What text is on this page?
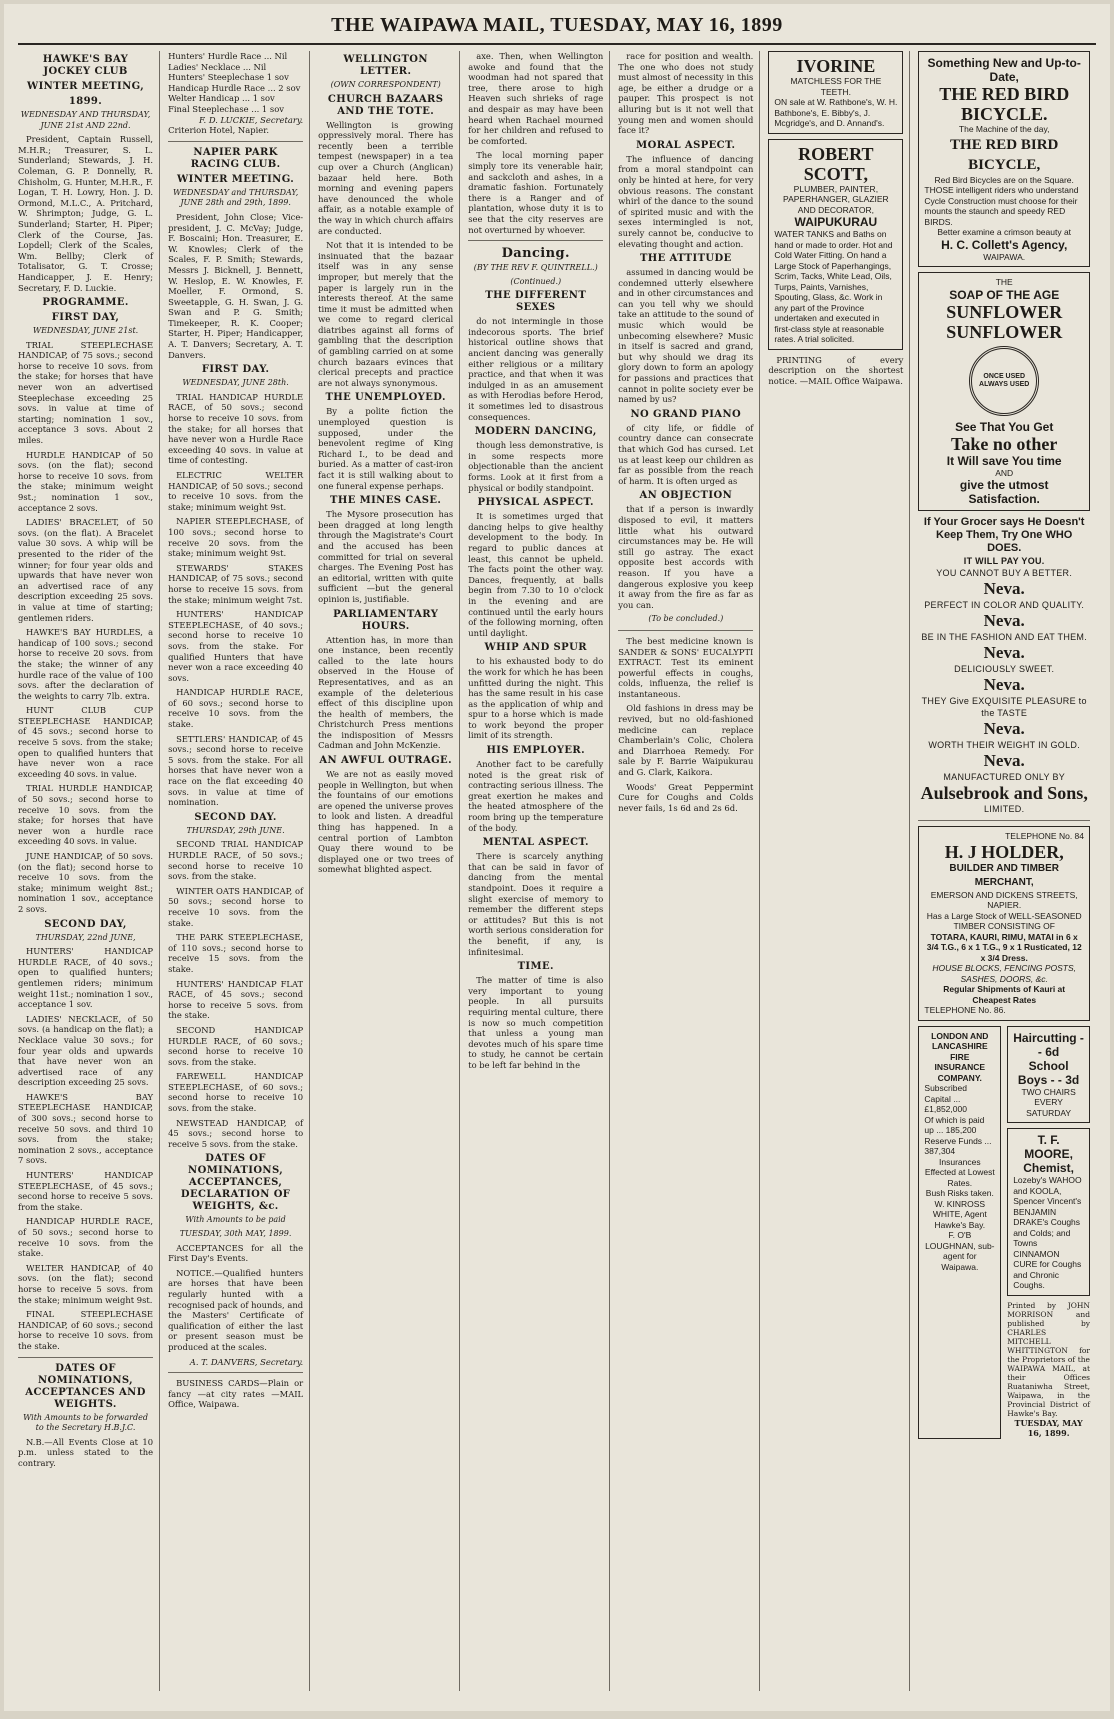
THE WAIPAWA MAIL, TUESDAY, MAY 16, 1899
HAWKE'S BAY JOCKEY CLUB
WINTER MEETING,
1899.
WEDNESDAY AND THURSDAY, JUNE 21st AND 22nd.

President, Captain Russell, M.H.R.; Treasurer, S. L. Sunderland; Stewards, J. H. Coleman, G. P. Donnelly, R. Chisholm, G. Hunter, M.H.R., F. Logan, T. H. Lowry, Hon. J. D. Ormond, M.L.C., A. Pritchard, W. Shrimpton; Judge, G. L. Sunderland; Starter, H. Piper; Clerk of the Course, Jas. Lopdell; Clerk of the Scales, Wm. Bellby; Clerk of Totalisator, G. T. Crosse; Handicapper, J. E. Henry; Secretary, F. D. Luckie.

PROGRAMME.
FIRST DAY,
WEDNESDAY, JUNE 21st.

TRIAL STEEPLECHASE HANDICAP, of 75 sovs.; second horse to receive 10 sovs. from the stake; for horses that have never won an advertised Steeplechase exceeding 25 sovs. in value at time of starting; nomination 1 sov., acceptance 3 sovs. About 2 miles.

HURDLE HANDICAP of 50 sovs. (on the flat); second horse to receive 10 sovs. from the stake; minimum weight 9st.; nomination 1 sov., acceptance 2 sovs.

LADIES' BRACELET, of 50 sovs. (on the flat). A Bracelet value 30 sovs. A whip will be presented to the rider of the winner; for four year olds and upwards that have never won an advertised race of any description exceeding 25 sovs. in value at time of starting; gentlemen riders.

HAWKE'S BAY HURDLES, a handicap of 100 sovs.; second horse to receive 20 sovs. from the stake; the winner of any hurdle race of the value of 100 sovs. after the declaration of the weights to carry 7lb. extra.

HUNT CLUB CUP STEEPLECHASE HANDICAP, of 45 sovs.; second horse to receive 5 sovs. from the stake; open to qualified hunters that have never won a race exceeding 40 sovs. in value.

TRIAL HURDLE HANDICAP, of 50 sovs.; second horse to receive 10 sovs. from the stake; for horses that have never won a hurdle race exceeding 40 sovs. in value.

JUNE HANDICAP, of 50 sovs. (on the flat); second horse to receive 10 sovs. from the stake; minimum weight 8st.; nomination 1 sov., acceptance 2 sovs.

SECOND DAY,
THURSDAY, 22nd JUNE,

HUNTERS' HANDICAP HURDLE RACE, of 40 sovs.; open to qualified hunters; gentlemen riders; minimum weight 11st.; nomination 1 sov., acceptance 1 sov.

LADIES' NECKLACE, of 50 sovs. (a handicap on the flat); a Necklace value 30 sovs.; for four year olds and upwards that have never won an advertised race of any description exceeding 25 sovs.

HAWKE'S BAY STEEPLECHASE HANDICAP, of 300 sovs.; second horse to receive 50 sovs. and third 10 sovs. from the stake; nomination 2 sovs., acceptance 7 sovs.

HUNTERS' HANDICAP STEEPLECHASE, of 45 sovs.; second horse to receive 5 sovs. from the stake.

HANDICAP HURDLE RACE, of 50 sovs.; second horse to receive 10 sovs. from the stake.

WELTER HANDICAP, of 40 sovs. (on the flat); second horse to receive 5 sovs. from the stake; minimum weight 9st.

FINAL STEEPLECHASE HANDICAP, of 60 sovs.; second horse to receive 10 sovs. from the stake.

DATES OF NOMINATIONS, ACCEPTANCES AND WEIGHTS.
With Amounts to be forwarded to the Secretary H.B.J.C.

N.B.—All Events Close at 10 p.m. unless stated to the contrary.

Hunters' Hurdle Race ... Nil
Ladies' Necklace ... Nil
Hunters' Steeplechase 1 sov
Handicap Hurdle Race ... 2 sov
Welter Handicap ... 1 sov
Final Steeplechase ... 1 sov
F. D. LUCKIE, Secretary.
Criterion Hotel, Napier.
NAPIER PARK RACING CLUB.
WINTER MEETING.
WEDNESDAY and THURSDAY, JUNE 28th and 29th, 1899.

President, John Close; Vice-president, J. C. McVay; Judge, F. Boscaini; Hon. Treasurer, E. W. Knowles; Clerk of the Scales, F. P. Smith; Stewards, Messrs J. Bicknell, J. Bennett, W. Heslop, E. W. Knowles, F. Moeller, F. Ormond, S. Sweetapple, G. H. Swan, J. G. Swan and P. G. Smith; Timekeeper, R. K. Cooper; Starter, H. Piper; Handicapper, A. T. Danvers; Secretary, A. T. Danvers.

FIRST DAY.
WEDNESDAY, JUNE 28th.

TRIAL HANDICAP HURDLE RACE, of 50 sovs.; second horse to receive 10 sovs. from the stake; for all horses that have never won a Hurdle Race exceeding 40 sovs. in value at time of contesting.

ELECTRIC WELTER HANDICAP, of 50 sovs.; second to receive 10 sovs. from the stake; minimum weight 9st.

NAPIER STEEPLECHASE, of 100 sovs.; second horse to receive 20 sovs. from the stake; minimum weight 9st.

STEWARDS' STAKES HANDICAP, of 75 sovs.; second horse to receive 15 sovs. from the stake; minimum weight 7st.

HUNTERS' HANDICAP STEEPLECHASE, of 40 sovs.; second horse to receive 10 sovs. from the stake. For qualified Hunters that have never won a race exceeding 40 sovs.

HANDICAP HURDLE RACE, of 60 sovs.; second horse to receive 10 sovs. from the stake.

SETTLERS' HANDICAP, of 45 sovs.; second horse to receive 5 sovs. from the stake. For all horses that have never won a race on the flat exceeding 40 sovs. in value at time of nomination.

SECOND DAY.
THURSDAY, 29th JUNE.

SECOND TRIAL HANDICAP HURDLE RACE, of 50 sovs.; second horse to receive 10 sovs. from the stake.

WINTER OATS HANDICAP, of 50 sovs.; second horse to receive 10 sovs. from the stake.

THE PARK STEEPLECHASE, of 110 sovs.; second horse to receive 15 sovs. from the stake.

HUNTERS' HANDICAP FLAT RACE, of 45 sovs.; second horse to receive 5 sovs. from the stake.

SECOND HANDICAP HURDLE RACE, of 60 sovs.; second horse to receive 10 sovs. from the stake.

FAREWELL HANDICAP STEEPLECHASE, of 60 sovs.; second horse to receive 10 sovs. from the stake.

NEWSTEAD HANDICAP, of 45 sovs.; second horse to receive 5 sovs. from the stake.

DATES OF NOMINATIONS, ACCEPTANCES, DECLARATION OF WEIGHTS, &c.
With Amounts to be paid
TUESDAY, 30th MAY, 1899.

ACCEPTANCES for all the First Day's Events.

NOTICE.—Qualified hunters are horses that have been regularly hunted with a recognised pack of hounds, and the Masters' Certificate of qualification of either the last or present season must be produced at the scales.

A. T. DANVERS, Secretary.

BUSINESS CARDS—Plain or fancy —at city rates —MAIL Office, Waipawa.

WELLINGTON LETTER.
(OWN CORRESPONDENT)
CHURCH BAZAARS AND THE TOTE.

Wellington is growing oppressively moral. There has recently been a terrible tempest (newspaper) in a tea cup over a Church (Anglican) bazaar held here. Both morning and evening papers have denounced the whole affair, as a notable example of the way in which church affairs are conducted.

Not that it is intended to be insinuated that the bazaar itself was in any sense improper, but merely that the paper is largely run in the interests thereof. At the same time it must be admitted when we come to regard clerical diatribes against all forms of gambling that the description of gambling carried on at some church bazaars evinces that clerical precepts and practice are not always synonymous.

THE UNEMPLOYED.

By a polite fiction the unemployed question is supposed, under the benevolent regime of King Richard I., to be dead and buried. As a matter of cast-iron fact it is still walking about to one funeral expense perhaps.

THE MINES CASE.

The Mysore prosecution has been dragged at long length through the Magistrate's Court and the accused has been committed for trial on several charges. The Evening Post has an editorial, written with quite sufficient —but the general opinion is, justifiable.

PARLIAMENTARY HOURS.

Attention has, in more than one instance, been recently called to the late hours observed in the House of Representatives, and as an example of the deleterious effect of this discipline upon the health of members, the Christchurch Press mentions the indisposition of Messrs Cadman and John McKenzie.

AN AWFUL OUTRAGE.

We are not as easily moved people in Wellington, but when the fountains of our emotions are opened the universe proves to look and listen. A dreadful thing has happened. In a central portion of Lambton Quay there wound to be displayed one or two trees of somewhat blighted aspect.

axe. Then, when Wellington awoke and found that the woodman had not spared that tree, there arose to high Heaven such shrieks of rage and despair as may have been heard when Rachael mourned for her children and refused to be comforted.

The local morning paper simply tore its venerable hair, and sackcloth and ashes, in a dramatic fashion. Fortunately there is a Ranger and of plantation, whose duty it is to see that the city reserves are not overturned by whoever.

Dancing.
(BY THE REV F. QUINTRELL.)
(Continued.)
THE DIFFERENT SEXES

do not intermingle in those indecorous sports. The brief historical outline shows that ancient dancing was generally either religious or a military practice, and that when it was indulged in as an amusement as with Herodias before Herod, it sometimes led to disastrous consequences.

MODERN DANCING,

though less demonstrative, is in some respects more objectionable than the ancient forms. Look at it first from a physical or bodily standpoint.

PHYSICAL ASPECT.

It is sometimes urged that dancing helps to give healthy development to the body. In regard to public dances at least, this cannot be upheld. The facts point the other way. Dances, frequently, at balls begin from 7.30 to 10 o'clock in the evening and are continued until the early hours of the following morning, often until daylight.

WHIP AND SPUR

to his exhausted body to do the work for which he has been unfitted during the night. This has the same result in his case as the application of whip and spur to a horse which is made to work beyond the proper limit of its strength.

HIS EMPLOYER.

Another fact to be carefully noted is the great risk of contracting serious illness. The great exertion he makes and the heated atmosphere of the room bring up the temperature of the body.

MENTAL ASPECT.

There is scarcely anything that can be said in favor of dancing from the mental standpoint. Does it require a slight exercise of memory to remember the different steps or attitudes? But this is not worth serious consideration for the benefit, if any, is infinitesimal.

TIME.

The matter of time is also very important to young people. In all pursuits requiring mental culture, there is now so much competition that unless a young man devotes much of his spare time to study, he cannot be certain to be left far behind in the

race for position and wealth. The one who does not study must almost of necessity in this age, be either a drudge or a pauper. This prospect is not alluring but is it not well that young men and women should face it?

MORAL ASPECT.

The influence of dancing from a moral standpoint can only be hinted at here, for very obvious reasons. The constant whirl of the dance to the sound of spirited music and with the sexes intermingled is not, surely cannot be, conducive to elevating thought and action.

THE ATTITUDE

assumed in dancing would be condemned utterly elsewhere and in other circumstances and can you tell why we should take an attitude to the sound of music which would be unbecoming elsewhere? Music in itself is sacred and grand, but why should we drag its glory down to form an apology for passions and practices that cannot in polite society ever be named by us?

NO GRAND PIANO

of city life, or fiddle of country dance can consecrate that which God has cursed. Let us at least keep our children as far as possible from the reach of harm. It is often urged as

AN OBJECTION

that if a person is inwardly disposed to evil, it matters little what his outward circumstances may be. He will still go astray. The exact opposite best accords with reason. If you have a dangerous explosive you keep it away from the fire as far as you can.

(To be concluded.)

The best medicine known is SANDER & SONS' EUCALYPTI EXTRACT. Test its eminent powerful effects in coughs, colds, influenza, the relief is instantaneous.

Old fashions in dress may be revived, but no old-fashioned medicine can replace Chamberlain's Colic, Cholera and Diarrhoea Remedy. For sale by F. Barrie Waipukurau and G. Clark, Kaikora.

Woods' Great Peppermint Cure for Coughs and Colds never fails, 1s 6d and 2s 6d.

IVORINE
MATCHLESS FOR THE TEETH.
ON sale at W. Rathbone's, W. H. Bathbone's, E. Bibby's, J. Mcgridge's, and D. Annand's.
ROBERT SCOTT,
PLUMBER, PAINTER, PAPERHANGER, GLAZIER AND DECORATOR,
WAIPUKURAU
WATER TANKS and Baths on hand or made to order. Hot and Cold Water Fitting. On hand a Large Stock of Paperhangings, Scrim, Tacks, White Lead, Oils, Turps, Paints, Varnishes, Spouting, Glass, &c. Work in any part of the Province undertaken and executed in first-class style at reasonable rates. A trial solicited.

PRINTING of every description on the shortest notice. —MAIL Office Waipawa.

Something New and Up-to-Date,
THE RED BIRD BICYCLE.
The Machine of the day,
THE RED BIRD BICYCLE,
Red Bird Bicycles are on the Square.
THOSE intelligent riders who understand Cycle Construction must choose for their mounts the staunch and speedy RED BIRDS.
Better examine a crimson beauty at
H. C. Collett's Agency,
WAIPAWA.
THE
SOAP OF THE AGE
SUNFLOWER
SUNFLOWER
ONCE USED ALWAYS USED
See That You Get
Take no other
It Will save You time
AND
give the utmost
Satisfaction.
If Your Grocer says He Doesn't Keep Them, Try One WHO DOES.
IT WILL PAY YOU.
YOU CANNOT BUY A BETTER.
Neva.
PERFECT IN COLOR AND QUALITY.
Neva.
BE IN THE FASHION AND EAT THEM.
Neva.
DELICIOUSLY SWEET.
Neva.
THEY Give EXQUISITE PLEASURE to the TASTE
Neva.
WORTH THEIR WEIGHT IN GOLD.
Neva.
MANUFACTURED ONLY BY
Aulsebrook and Sons,
LIMITED.
TELEPHONE No. 84
H. J HOLDER,
BUILDER AND TIMBER MERCHANT,
EMERSON AND DICKENS STREETS, NAPIER.
Has a Large Stock of WELL-SEASONED TIMBER CONSISTING OF
TOTARA, KAURI, RIMU, MATAI in 6 x 3/4 T.G., 6 x 1 T.G., 9 x 1 Rusticated, 12 x 3/4 Dress.
HOUSE BLOCKS, FENCING POSTS, SASHES, DOORS, &c.
Regular Shipments of Kauri at Cheapest Rates
TELEPHONE No. 86.
LONDON AND LANCASHIRE FIRE INSURANCE COMPANY.
Subscribed Capital ... £1,852,000
Of which is paid up ... 185,200
Reserve Funds ... 387,304
Insurances Effected at Lowest Rates.
Bush Risks taken.
W. KINROSS WHITE, Agent Hawke's Bay.
F. O'B LOUGHNAN, sub-agent for Waipawa.
Haircutting - - 6d
School Boys - - 3d
TWO CHAIRS EVERY SATURDAY
T. F. MOORE, Chemist,
Lozeby's WAHOO and KOOLA, Spencer Vincent's BENJAMIN DRAKE's Coughs and Colds; and Towns CINNAMON CURE for Coughs and Chronic Coughs.
Printed by JOHN MORRISON and published by CHARLES MITCHELL WHITTINGTON for the Proprietors of the WAIPAWA MAIL, at their Offices Ruataniwha Street, Waipawa, in the Provincial District of Hawke's Bay.
TUESDAY, MAY 16, 1899.
